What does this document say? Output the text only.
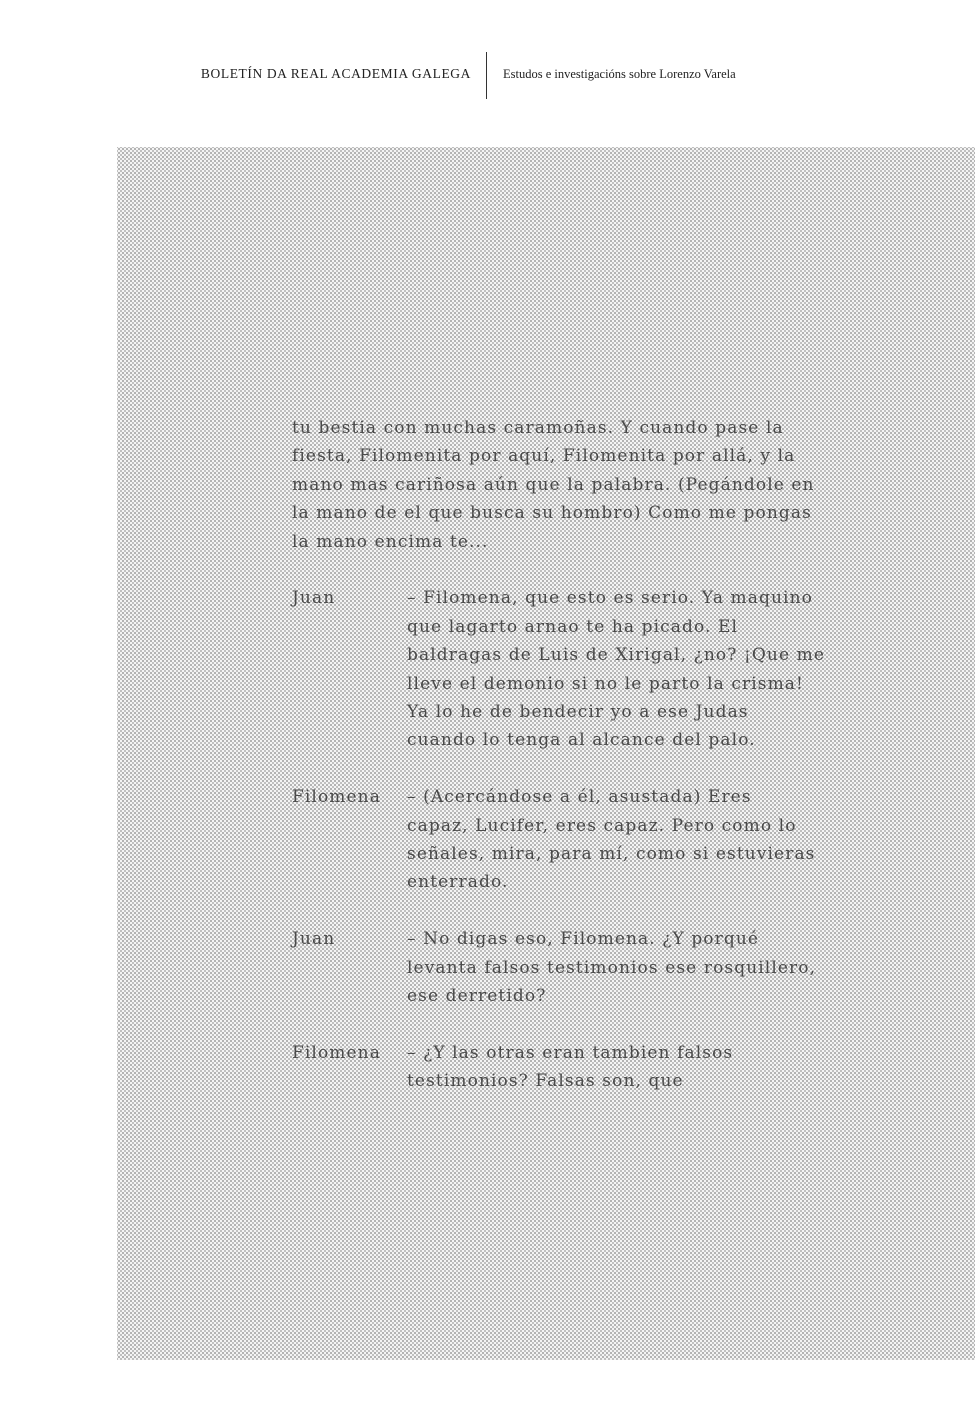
BOLETÍN DA REAL ACADEMIA GALEGA	Estudos e investigacións sobre Lorenzo Varela
tu bestia con muchas caramoñas. Y cuando pase la
fiesta, Filomenita por aquí, Filomenita por allá, y la
mano mas cariñosa aún que la palabra. (Pegándole en
la mano de el que busca su hombro) Como me pongas
la mano encima te...
Juan	– Filomena, que esto es serio. Ya maquino
que lagarto arnao te ha picado. El
baldragas de Luis de Xirigal, ¿no? ¡Que me
lleve el demonio si no le parto la crisma!
Ya lo he de bendecir yo a ese Judas
cuando lo tenga al alcance del palo.
Filomena – (Acercándose a él, asustada) Eres
capaz, Lucifer, eres capaz. Pero como lo
señales, mira, para mí, como si estuvieras
enterrado.
Juan	– No digas eso, Filomena. ¿Y porqué
levanta falsos testimonios ese rosquillero,
ese derretido?
Filomena – ¿Y las otras eran tambien falsos
testimonios? Falsas son, que
